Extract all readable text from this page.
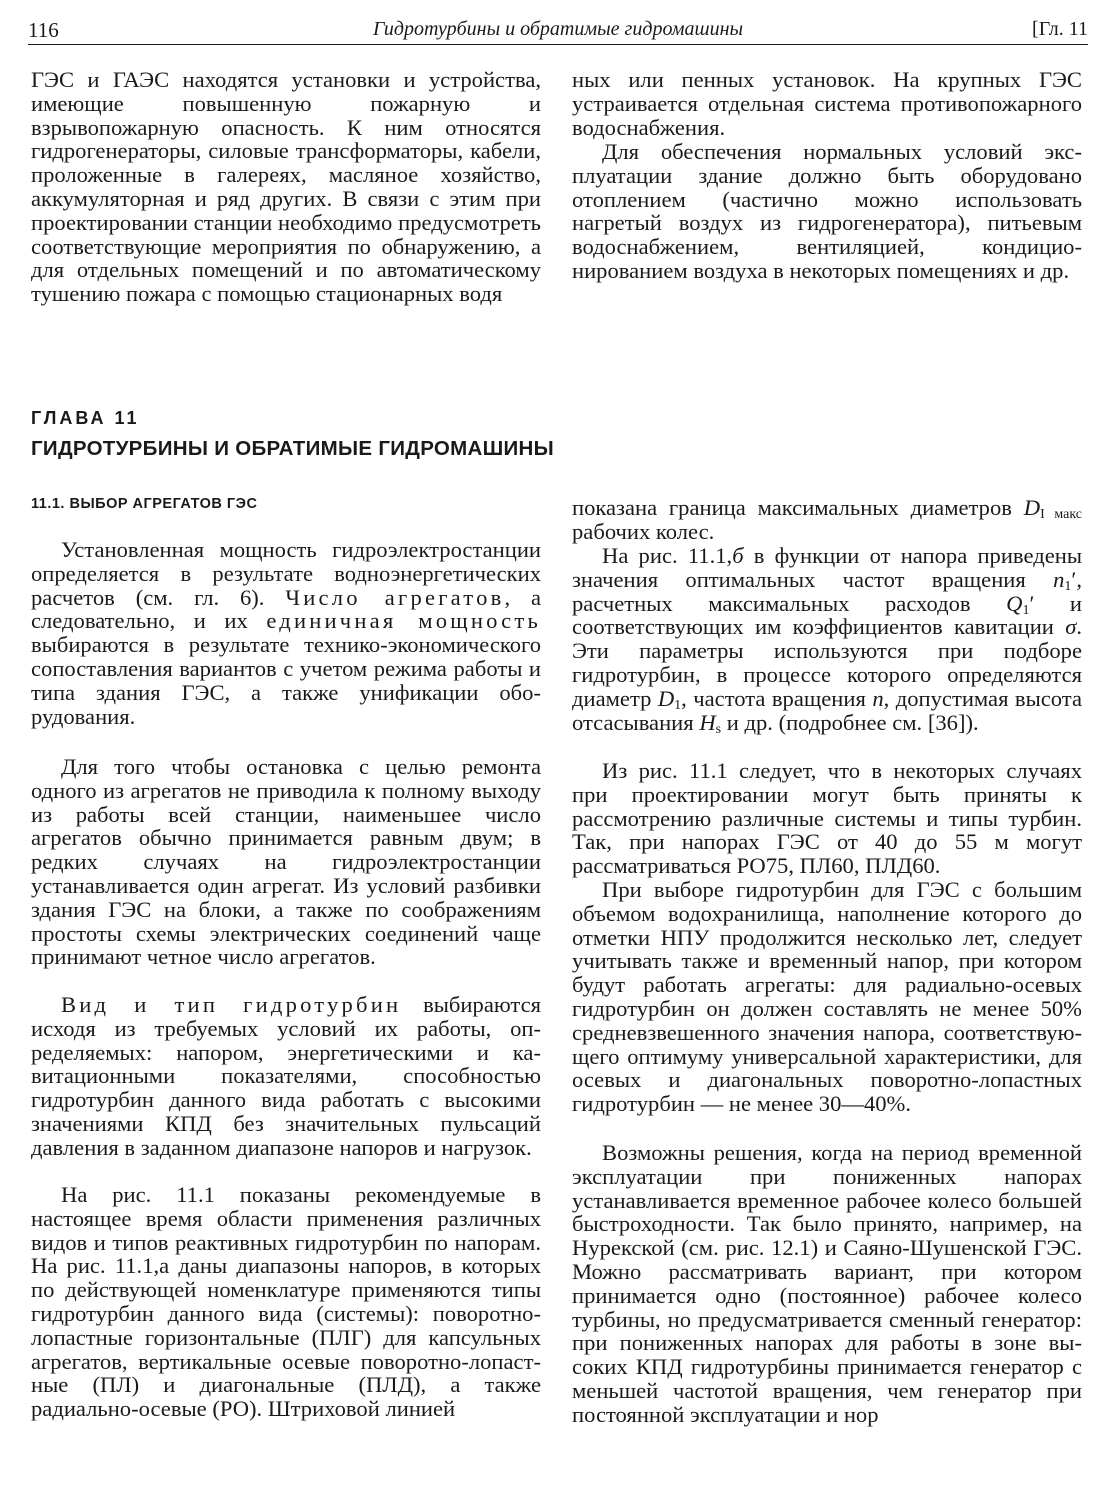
116	Гидротурбины и обратимые гидромашины	[Гл. 11

ГЭС и ГАЭС находятся установки и устройства, имеющие повышенную пожарную и взрывопожарную опасность. К ним относятся гидрогенераторы, силовые трансформаторы, кабели, проложенные в галереях, масляное хозяйство, аккумуляторная и ряд других. В связи с этим при проектировании станции необходимо предусмотреть соответствующие мероприятия по обнаружению, а для отдельных помещений и по автоматическому тушению пожара с помощью стационарных водя

ных или пенных установок. На крупных ГЭС устраивается отдельная система противопожарного водоснабжения.

Для обеспечения нормальных условий эксплуатации здание должно быть оборудовано отоплением (частично можно использовать нагретый воздух из гидрогенератора), питьевым водоснабжением, вентиляцией, кондиционированием воздуха в некоторых помещениях и др.

ГЛАВА 11
ГИДРОТУРБИНЫ И ОБРАТИМЫЕ ГИДРОМАШИНЫ
11.1. ВЫБОР АГРЕГАТОВ ГЭС

Установленная мощность гидроэлектростанции определяется в результате водноэнергетических расчетов (см. гл. 6). Число агрегатов, а следовательно, и их единичная мощность выбираются в результате технико-экономического сопоставления вариантов с учетом режима работы и типа здания ГЭС, а также унификации оборудования.

Для того чтобы остановка с целью ремонта одного из агрегатов не приводила к полному выходу из работы всей станции, наименьшее число агрегатов обычно принимается равным двум; в редких случаях на гидроэлектростанции устанавливается один агрегат. Из условий разбивки здания ГЭС на блоки, а также по соображениям простоты схемы электрических соединений чаще принимают четное число агрегатов.

Вид и тип гидротурбин выбираются исходя из требуемых условий их работы, определяемых: напором, энергетическими и кавитационными показателями, способностью гидротурбин данного вида работать с высокими значениями КПД без значительных пульсаций давления в заданном диапазоне напоров и нагрузок.

На рис. 11.1 показаны рекомендуемые в настоящее время области применения различных видов и типов реактивных гидротурбин по напорам. На рис. 11.1,а даны диапазоны напоров, в которых по действующей номенклатуре применяются типы гидротурбин данного вида (системы): поворотно-лопастные горизонтальные (ПЛГ) для капсульных агрегатов, вертикальные осевые поворотно-лопастные (ПЛ) и диагональные (ПЛД), а также радиально-осевые (РО). Штриховой линией

показана граница максимальных диаметров $D_{I макс}$ рабочих колес.

На рис. 11.1,б в функции от напора приведены значения оптимальных частот вращения $n_1'$, расчетных максимальных расходов $Q_1'$ и соответствующих им коэффициентов кавитации σ. Эти параметры используются при подборе гидротурбин, в процессе которого определяются диаметр $D_1$, частота вращения n, допустимая высота отсасывания $H_s$ и др. (подробнее см. [36]).

Из рис. 11.1 следует, что в некоторых случаях при проектировании могут быть приняты к рассмотрению различные системы и типы турбин. Так, при напорах ГЭС от 40 до 55 м могут рассматриваться РО75, ПЛ60, ПЛД60.

При выборе гидротурбин для ГЭС с большим объемом водохранилища, наполнение которого до отметки НПУ продолжится несколько лет, следует учитывать также и временный напор, при котором будут работать агрегаты: для радиально-осевых гидротурбин он должен составлять не менее 50% средневзвешенного значения напора, соответствующего оптимуму универсальной характеристики, для осевых и диагональных поворотно-лопастных гидротурбин — не менее 30—40%.

Возможны решения, когда на период временной эксплуатации при пониженных напорах устанавливается временное рабочее колесо большей быстроходности. Так было принято, например, на Нурекской (см. рис. 12.1) и Саяно-Шушенской ГЭС. Можно рассматривать вариант, при котором принимается одно (постоянное) рабочее колесо турбины, но предусматривается сменный генератор: при пониженных напорах для работы в зоне высоких КПД гидротурбины принимается генератор с меньшей частотой вращения, чем генератор при постоянной эксплуатации и нор
